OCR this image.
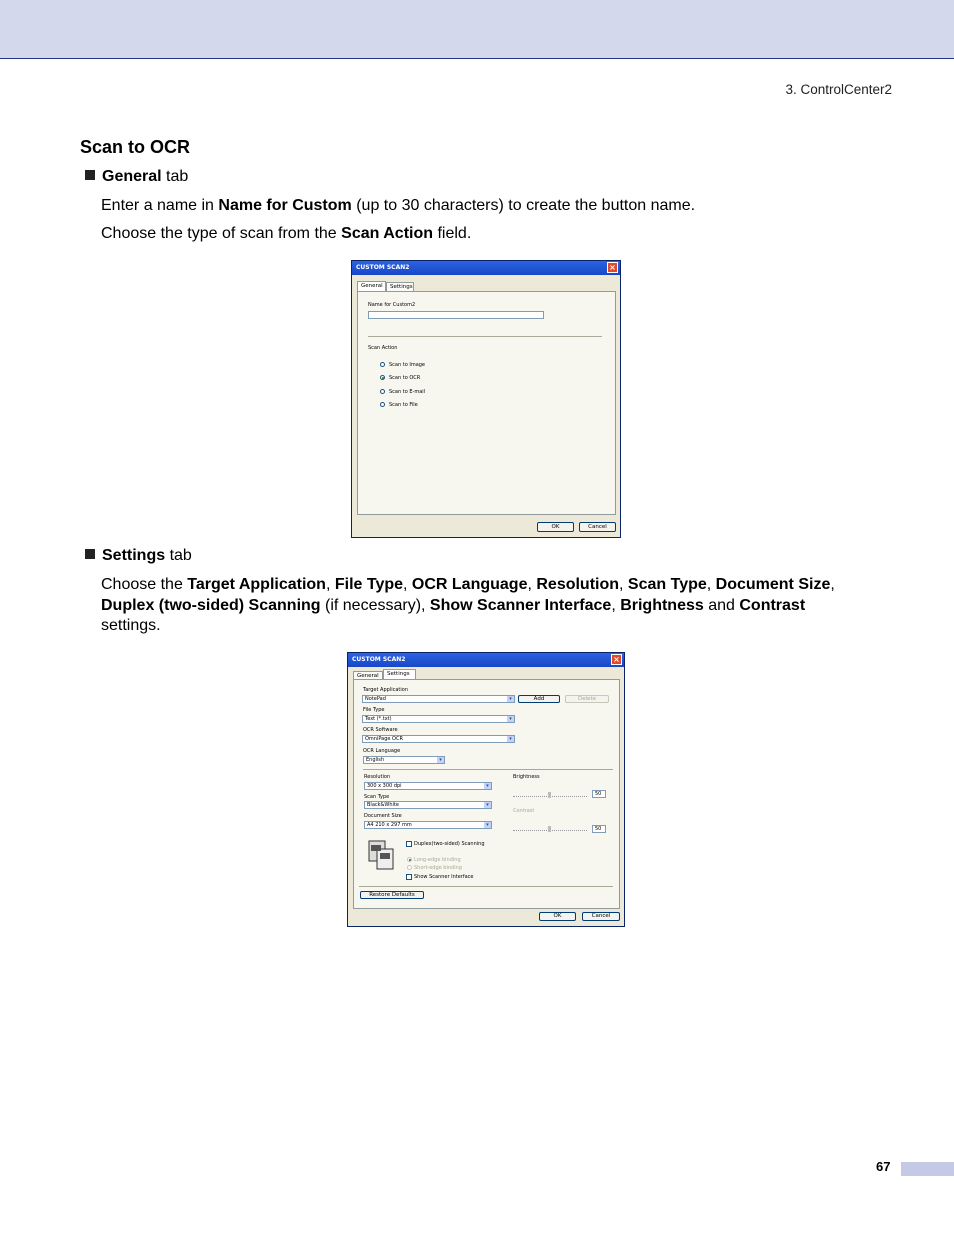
3. ControlCenter2
Scan to OCR
General tab
Enter a name in Name for Custom (up to 30 characters) to create the button name.
Choose the type of scan from the Scan Action field.
CUSTOM SCAN2	×
General	Settings
Name for Custom2
Scan Action
Scan to Image
Scan to OCR
Scan to E-mail
Scan to File
OK	Cancel
Settings tab
Choose the Target Application, File Type, OCR Language, Resolution, Scan Type, Document Size,
Duplex (two-sided) Scanning (if necessary), Show Scanner Interface, Brightness and Contrast
settings.
CUSTOM SCAN2	×
General	Settings
Target Application
NotePad	▾	Add	Delete
File Type
Text (*.txt)	▾
OCR Software
OmniPage OCR	▾
OCR Language
English	▾
Resolution
300 x 300 dpi	▾
Scan Type
Black&White	▾
Document Size
A4 210 x 297 mm	▾
Brightness
50
Contrast
50
Duplex(two-sided) Scanning
Long-edge binding
Short-edge binding
Show Scanner Interface
Restore Defaults
OK	Cancel
67
